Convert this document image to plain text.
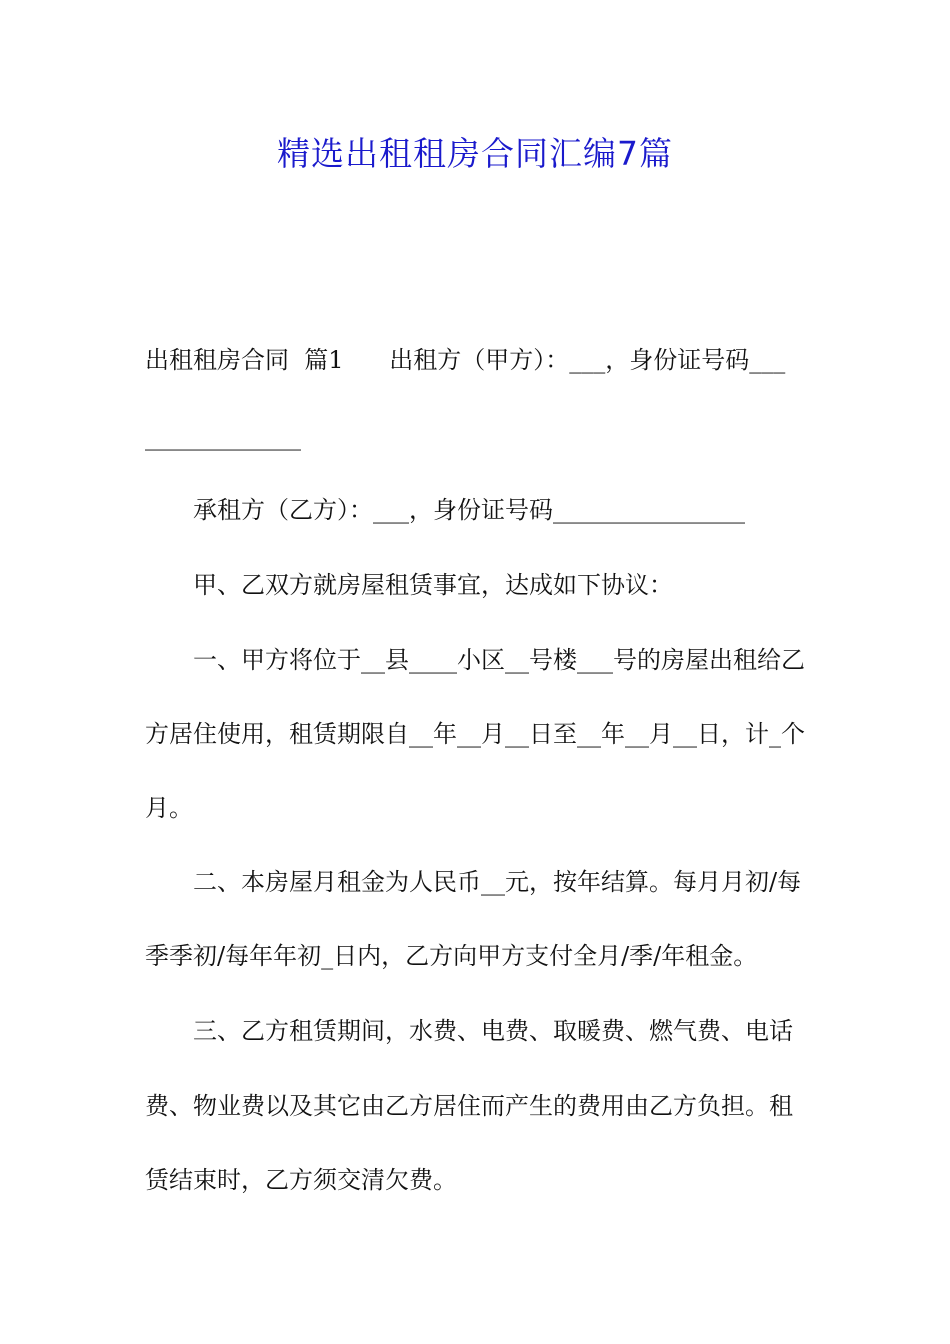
精选出租租房合同汇编7篇
出租租房合同  篇1      出租方（甲方）：___，身份证号码___
_____________
承租方（乙方）：___，身份证号码________________
甲、乙双方就房屋租赁事宜，达成如下协议：
一、甲方将位于__县____小区__号楼___号的房屋出租给乙
方居住使用，租赁期限自__年__月__日至__年__月__日，计_个
月。
二、本房屋月租金为人民币__元，按年结算。每月月初/每
季季初/每年年初_日内，乙方向甲方支付全月/季/年租金。
三、乙方租赁期间，水费、电费、取暖费、燃气费、电话
费、物业费以及其它由乙方居住而产生的费用由乙方负担。租
赁结束时，乙方须交清欠费。
